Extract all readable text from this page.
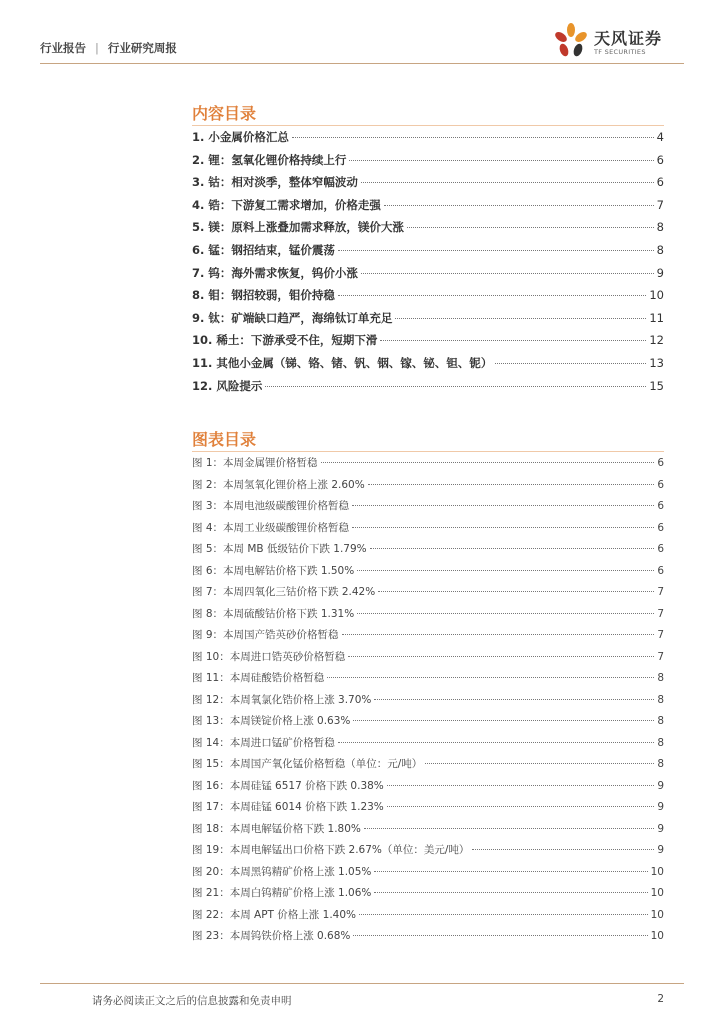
行业报告 | 行业研究周报	天风证券
TF SECURITIES
内容目录
1. 小金属价格汇总	4
2. 锂：氢氧化锂价格持续上行	6
3. 钴：相对淡季，整体窄幅波动	6
4. 锆：下游复工需求增加，价格走强	7
5. 镁：原料上涨叠加需求释放，镁价大涨	8
6. 锰：钢招结束，锰价震荡	8
7. 钨：海外需求恢复，钨价小涨	9
8. 钼：钢招较弱，钼价持稳	10
9. 钛：矿端缺口趋严，海绵钛订单充足	11
10. 稀土：下游承受不住，短期下滑	12
11. 其他小金属（锑、铬、锗、钒、铟、镓、铋、钽、铌）	13
12. 风险提示	15
图表目录
图 1：本周金属锂价格暂稳	6
图 2：本周氢氧化锂价格上涨 2.60%	6
图 3：本周电池级碳酸锂价格暂稳	6
图 4：本周工业级碳酸锂价格暂稳	6
图 5：本周 MB 低级钴价下跌 1.79%	6
图 6：本周电解钴价格下跌 1.50%	6
图 7：本周四氧化三钴价格下跌 2.42%	7
图 8：本周硫酸钴价格下跌 1.31%	7
图 9：本周国产锆英砂价格暂稳	7
图 10：本周进口锆英砂价格暂稳	7
图 11：本周硅酸锆价格暂稳	8
图 12：本周氧氯化锆价格上涨 3.70%	8
图 13：本周镁锭价格上涨 0.63%	8
图 14：本周进口锰矿价格暂稳	8
图 15：本周国产氧化锰价格暂稳（单位：元/吨）	8
图 16：本周硅锰 6517 价格下跌 0.38%	9
图 17：本周硅锰 6014 价格下跌 1.23%	9
图 18：本周电解锰价格下跌 1.80%	9
图 19：本周电解锰出口价格下跌 2.67%（单位：美元/吨）	9
图 20：本周黑钨精矿价格上涨 1.05%	10
图 21：本周白钨精矿价格上涨 1.06%	10
图 22：本周 APT 价格上涨 1.40%	10
图 23：本周钨铁价格上涨 0.68%	10
请务必阅读正文之后的信息披露和免责申明	2
